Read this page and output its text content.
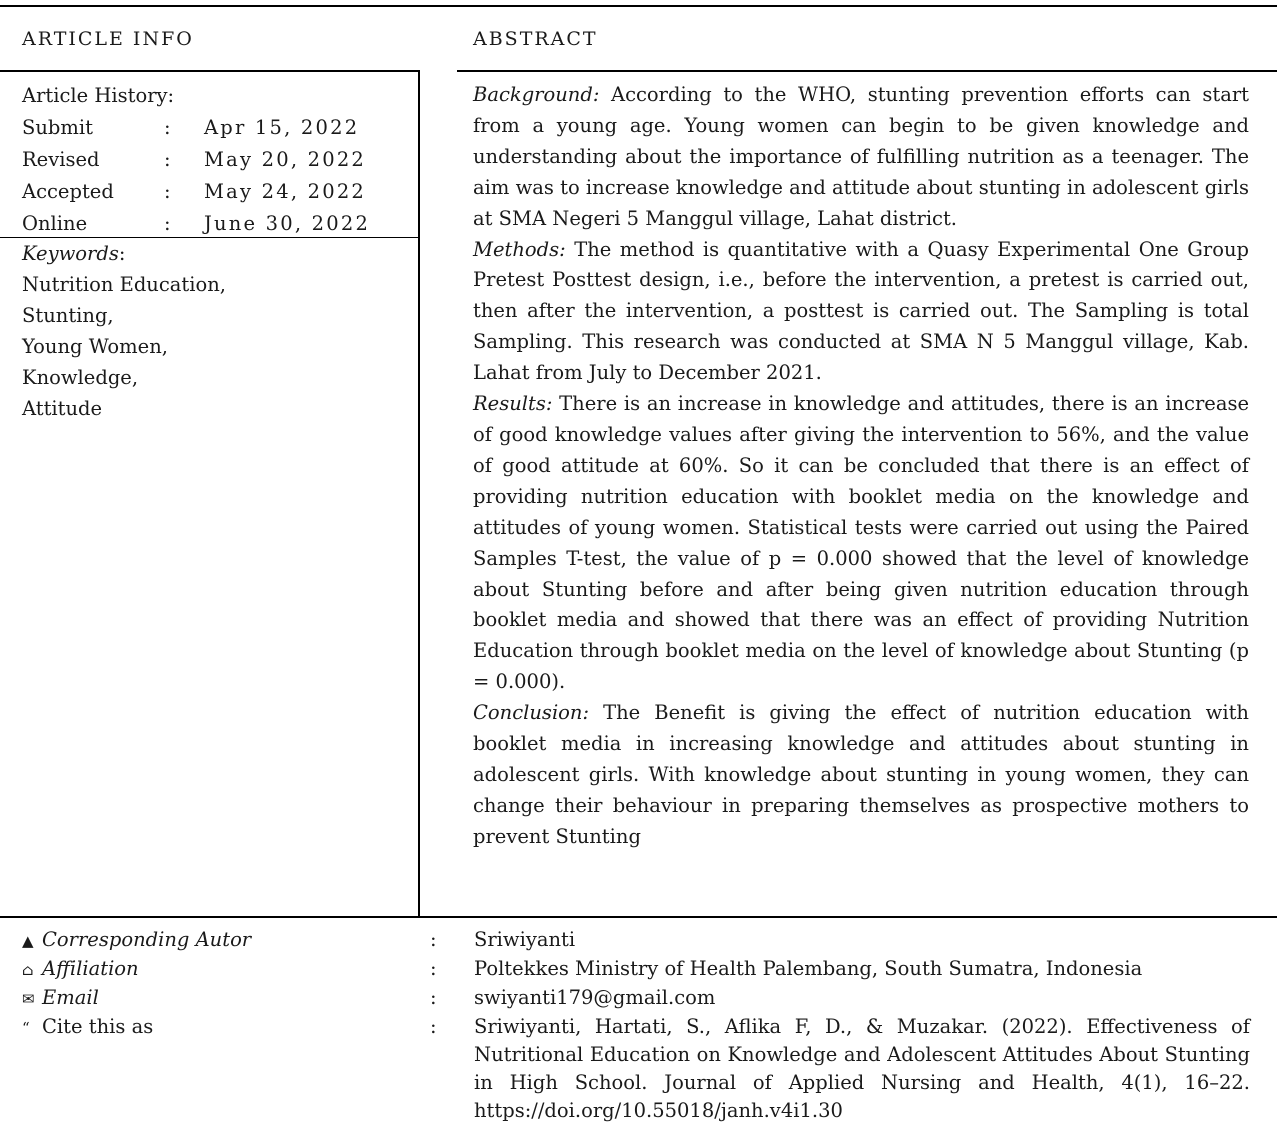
ARTICLE INFO	ABSTRACT
Article History:
Submit	:	Apr 15, 2022
Revised	:	May 20, 2022
Accepted	:	May 24, 2022
Online	:	June 30, 2022
Keywords:
Nutrition Education,
Stunting,
Young Women,
Knowledge,
Attitude

Background: According to the WHO, stunting prevention efforts can start from a young age. Young women can begin to be given knowledge and understanding about the importance of fulfilling nutrition as a teenager. The aim was to increase knowledge and attitude about stunting in adolescent girls at SMA Negeri 5 Manggul village, Lahat district.

Methods: The method is quantitative with a Quasy Experimental One Group Pretest Posttest design, i.e., before the intervention, a pretest is carried out, then after the intervention, a posttest is carried out. The Sampling is total Sampling. This research was conducted at SMA N 5 Manggul village, Kab. Lahat from July to December 2021.

Results: There is an increase in knowledge and attitudes, there is an increase of good knowledge values after giving the intervention to 56%, and the value of good attitude at 60%. So it can be concluded that there is an effect of providing nutrition education with booklet media on the knowledge and attitudes of young women. Statistical tests were carried out using the Paired Samples T-test, the value of p = 0.000 showed that the level of knowledge about Stunting before and after being given nutrition education through booklet media and showed that there was an effect of providing Nutrition Education through booklet media on the level of knowledge about Stunting (p = 0.000).

Conclusion: The Benefit is giving the effect of nutrition education with booklet media in increasing knowledge and attitudes about stunting in adolescent girls. With knowledge about stunting in young women, they can change their behaviour in preparing themselves as prospective mothers to prevent Stunting

▲ Corresponding Autor	:	Sriwiyanti
⌂ Affiliation	:	Poltekkes Ministry of Health Palembang, South Sumatra, Indonesia
✉ Email	:	swiyanti179@gmail.com
“ Cite this as	:	Sriwiyanti, Hartati, S., Aflika F, D., & Muzakar. (2022). Effectiveness of Nutritional Education on Knowledge and Adolescent Attitudes About Stunting in High School. Journal of Applied Nursing and Health, 4(1), 16–22. https://doi.org/10.55018/janh.v4i1.30
